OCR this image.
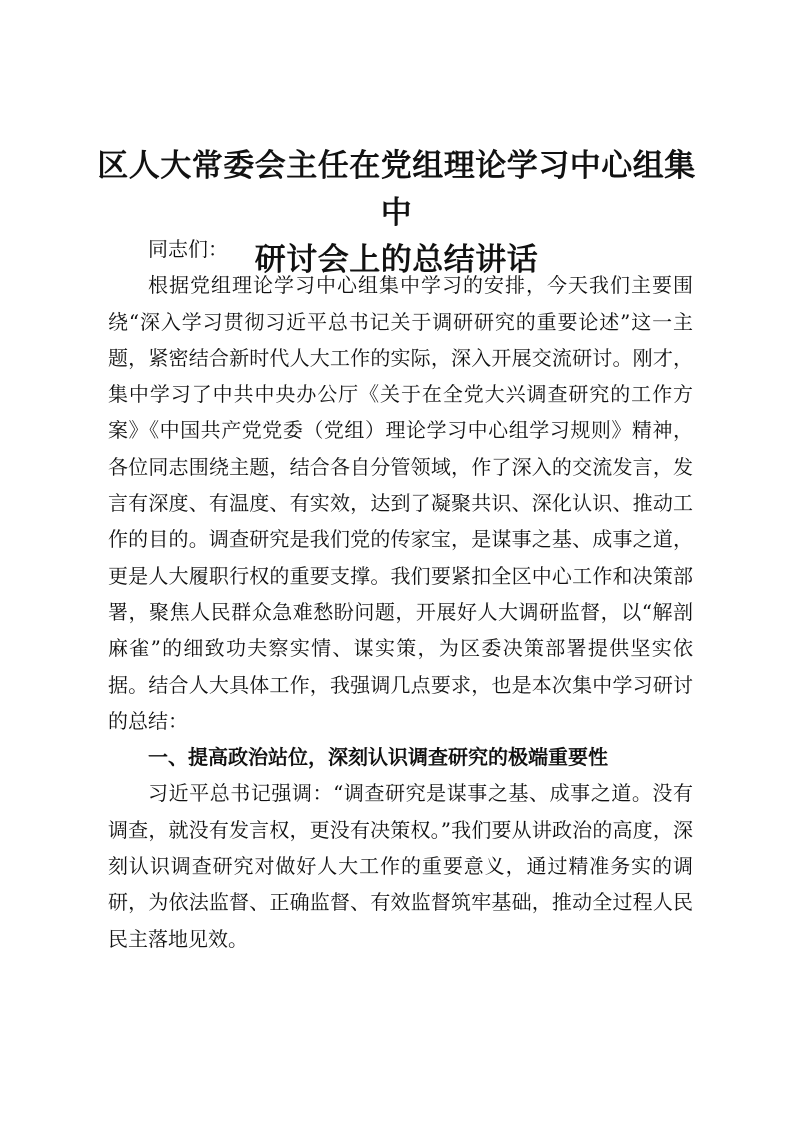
区人大常委会主任在党组理论学习中心组集中
研讨会上的总结讲话

同志们：

根据党组理论学习中心组集中学习的安排，今天我们主要围绕“深入学习贯彻习近平总书记关于调研研究的重要论述”这一主题，紧密结合新时代人大工作的实际，深入开展交流研讨。刚才，集中学习了中共中央办公厅《关于在全党大兴调查研究的工作方案》《中国共产党党委（党组）理论学习中心组学习规则》精神，各位同志围绕主题，结合各自分管领域，作了深入的交流发言，发言有深度、有温度、有实效，达到了凝聚共识、深化认识、推动工作的目的。调查研究是我们党的传家宝，是谋事之基、成事之道，更是人大履职行权的重要支撑。我们要紧扣全区中心工作和决策部署，聚焦人民群众急难愁盼问题，开展好人大调研监督，以“解剖麻雀”的细致功夫察实情、谋实策，为区委决策部署提供坚实依据。结合人大具体工作，我强调几点要求，也是本次集中学习研讨的总结：

一、提高政治站位，深刻认识调查研究的极端重要性

习近平总书记强调：“调查研究是谋事之基、成事之道。没有调查，就没有发言权，更没有决策权。”我们要从讲政治的高度，深刻认识调查研究对做好人大工作的重要意义，通过精准务实的调研，为依法监督、正确监督、有效监督筑牢基础，推动全过程人民民主落地见效。
